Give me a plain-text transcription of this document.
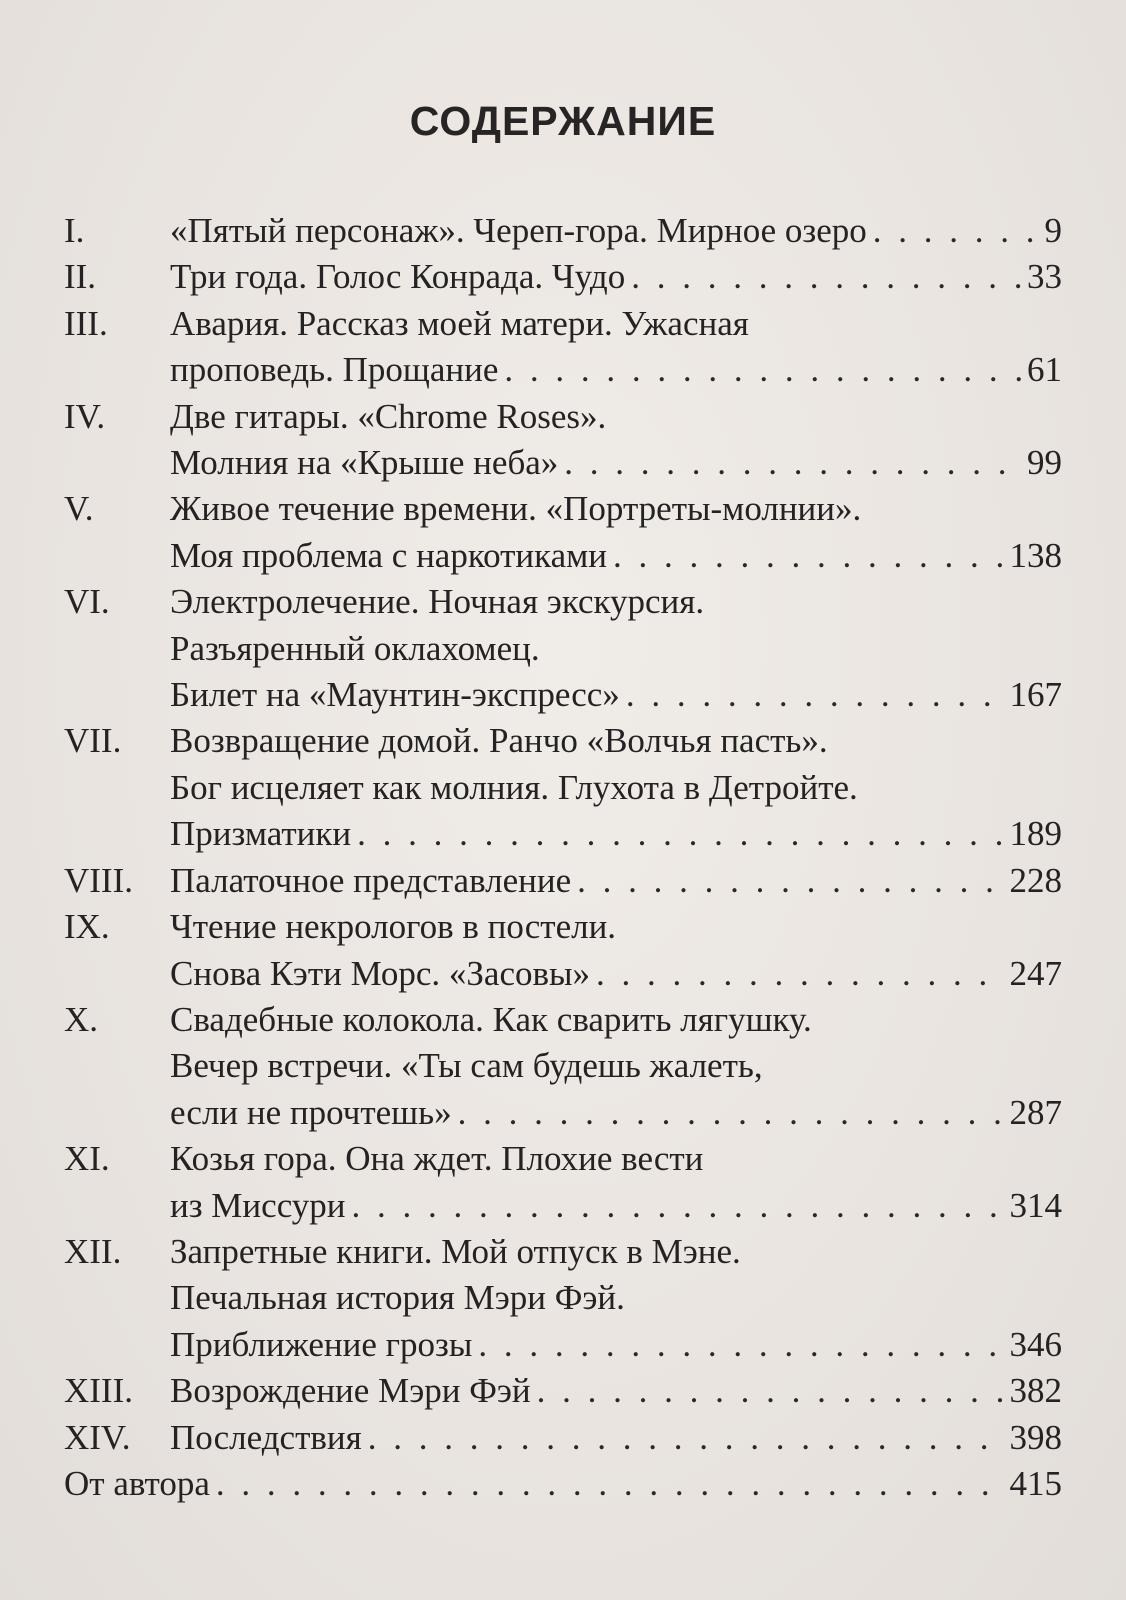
СОДЕРЖАНИЕ
I. «Пятый персонаж». Череп-гора. Мирное озеро . . .	9
II. Три года. Голос Конрада. Чудо . . .	33
III. Авария. Рассказ моей матери. Ужасная
проповедь. Прощание . . .	61
IV. Две гитары. «Chrome Roses».
Молния на «Крыше неба» . . .	99
V. Живое течение времени. «Портреты-молнии».
Моя проблема с наркотиками . . .	138
VI. Электролечение. Ночная экскурсия.
Разъяренный оклахомец.
Билет на «Маунтин-экспресс» . . .	167
VII. Возвращение домой. Ранчо «Волчья пасть».
Бог исцеляет как молния. Глухота в Детройте.
Призматики . . .	189
VIII. Палаточное представление . . .	228
IX. Чтение некрологов в постели.
Снова Кэти Морс. «Засовы» . . .	247
X. Свадебные колокола. Как сварить лягушку.
Вечер встречи. «Ты сам будешь жалеть,
если не прочтешь» . . .	287
XI. Козья гора. Она ждет. Плохие вести
из Миссури . . .	314
XII. Запретные книги. Мой отпуск в Мэне.
Печальная история Мэри Фэй.
Приближение грозы . . .	346
XIII. Возрождение Мэри Фэй . . .	382
XIV. Последствия . . .	398
От автора . . .	415
